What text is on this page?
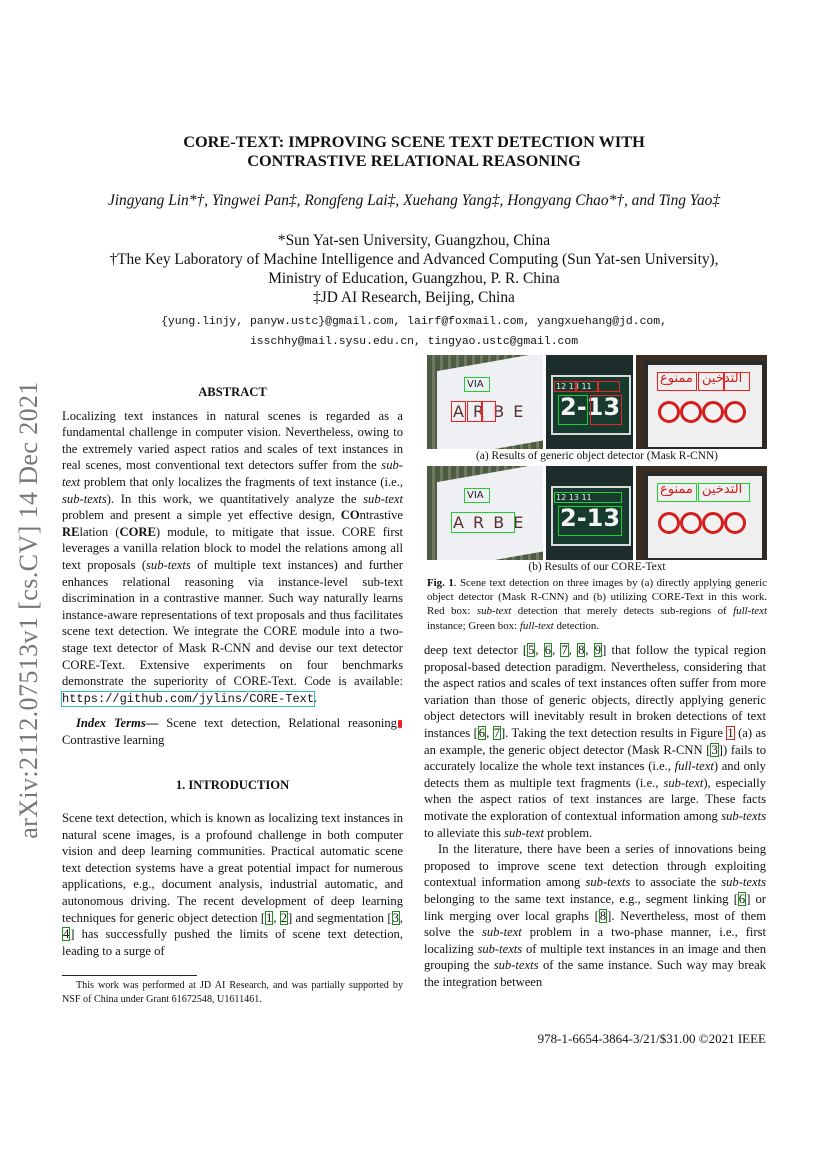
arXiv:2112.07513v1 [cs.CV] 14 Dec 2021
CORE-TEXT: IMPROVING SCENE TEXT DETECTION WITH
CONTRASTIVE RELATIONAL REASONING
Jingyang Lin*†, Yingwei Pan‡, Rongfeng Lai‡, Xuehang Yang‡, Hongyang Chao*†, and Ting Yao‡
*Sun Yat-sen University, Guangzhou, China
†The Key Laboratory of Machine Intelligence and Advanced Computing (Sun Yat-sen University),
Ministry of Education, Guangzhou, P. R. China
‡JD AI Research, Beijing, China
{yung.linjy, panyw.ustc}@gmail.com, lairf@foxmail.com, yangxuehang@jd.com,
isschhy@mail.sysu.edu.cn, tingyao.ustc@gmail.com
ABSTRACT

Localizing text instances in natural scenes is regarded as a fundamental challenge in computer vision. Nevertheless, owing to the extremely varied aspect ratios and scales of text instances in real scenes, most conventional text detectors suffer from the sub-text problem that only localizes the fragments of text instance (i.e., sub-texts). In this work, we quantitatively analyze the sub-text problem and present a simple yet effective design, COntrastive RElation (CORE) module, to mitigate that issue. CORE first leverages a vanilla relation block to model the relations among all text proposals (sub-texts of multiple text instances) and further enhances relational reasoning via instance-level sub-text discrimination in a contrastive manner. Such way naturally learns instance-aware representations of text proposals and thus facilitates scene text detection. We integrate the CORE module into a two-stage text detector of Mask R-CNN and devise our text detector CORE-Text. Extensive experiments on four benchmarks demonstrate the superiority of CORE-Text. Code is available: https://github.com/jylins/CORE-Text.

Index Terms— Scene text detection, Relational reasoning Contrastive learning

1. INTRODUCTION

Scene text detection, which is known as localizing text instances in natural scene images, is a profound challenge in both computer vision and deep learning communities. Practical automatic scene text detection systems have a great potential impact for numerous applications, e.g., document analysis, industrial automatic, and autonomous driving. The recent development of deep learning techniques for generic object detection [1, 2] and segmentation [3, 4] has successfully pushed the limits of scene text detection, leading to a surge of

This work was performed at JD AI Research, and was partially supported by NSF of China under Grant 61672548, U1611461.
VIA
A R B E
12 13 11
2-13
ممنوع التدخين
(a) Results of generic object detector (Mask R-CNN)
VIA
A R B E
12 13 11
2-13
ممنوع التدخين
(b) Results of our CORE-Text
Fig. 1. Scene text detection on three images by (a) directly applying generic object detector (Mask R-CNN) and (b) utilizing CORE-Text in this work. Red box: sub-text detection that merely detects sub-regions of full-text instance; Green box: full-text detection.

deep text detector [5, 6, 7, 8, 9] that follow the typical region proposal-based detection paradigm. Nevertheless, considering that the aspect ratios and scales of text instances often suffer from more variation than those of generic objects, directly applying generic object detectors will inevitably result in broken detections of text instances [6, 7]. Taking the text detection results in Figure 1 (a) as an example, the generic object detector (Mask R-CNN [3]) fails to accurately localize the whole text instances (i.e., full-text) and only detects them as multiple text fragments (i.e., sub-text), especially when the aspect ratios of text instances are large. These facts motivate the exploration of contextual information among sub-texts to alleviate this sub-text problem.

In the literature, there have been a series of innovations being proposed to improve scene text detection through exploiting contextual information among sub-texts to associate the sub-texts belonging to the same text instance, e.g., segment linking [6] or link merging over local graphs [8]. Nevertheless, most of them solve the sub-text problem in a two-phase manner, i.e., first localizing sub-texts of multiple text instances in an image and then grouping the sub-texts of the same instance. Such way may break the integration between

978-1-6654-3864-3/21/$31.00 ©2021 IEEE
